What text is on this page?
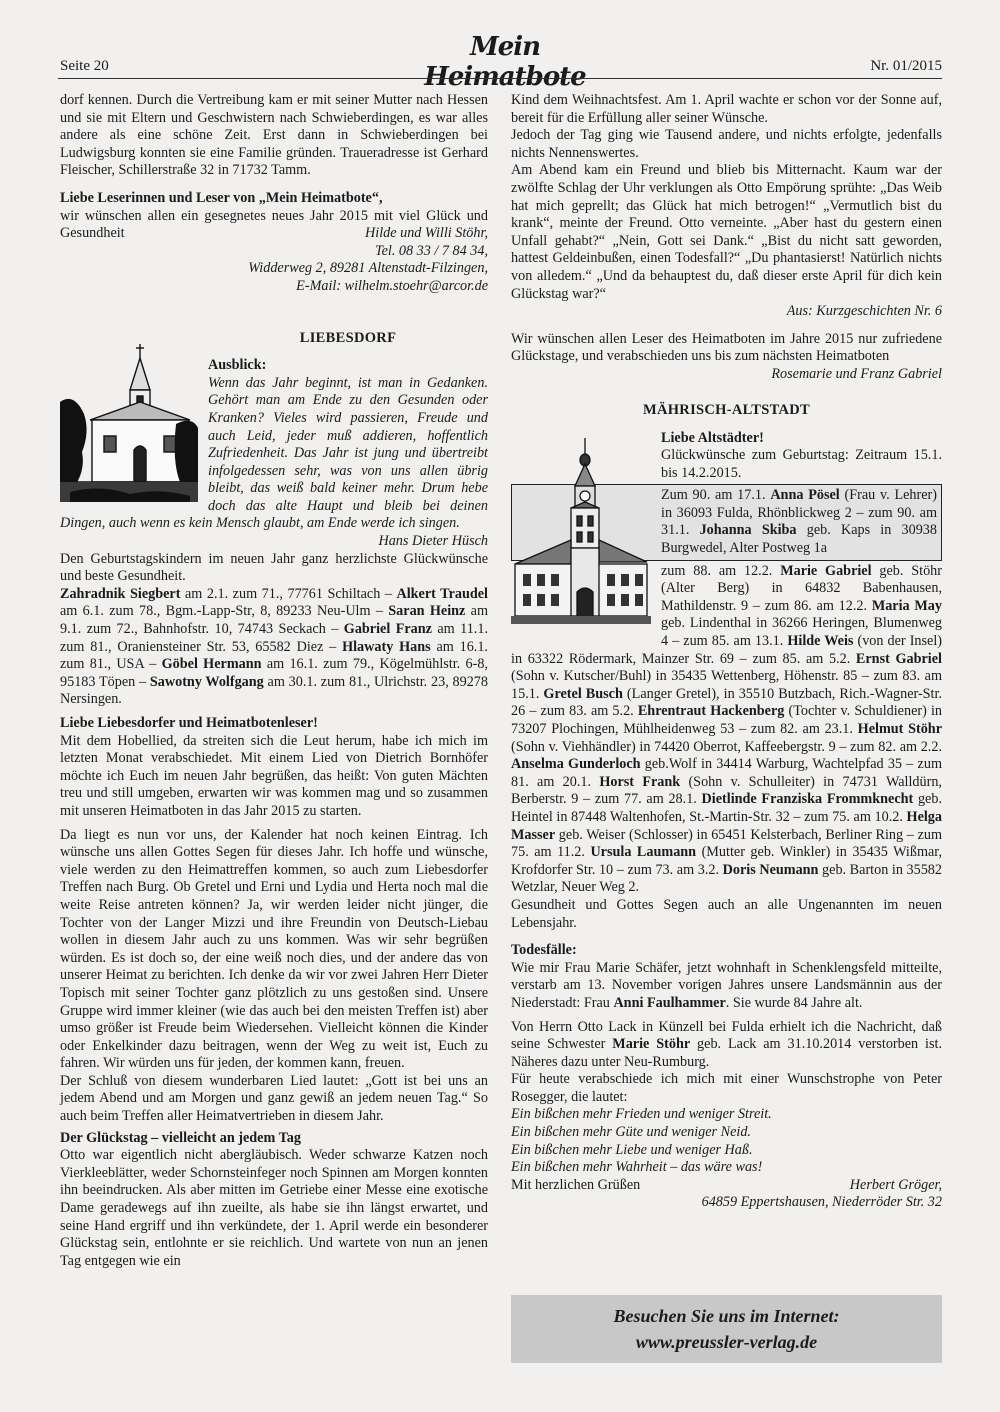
Seite 20
Mein Heimatbote	Nr. 01/2015

dorf kennen. Durch die Vertreibung kam er mit seiner Mutter nach Hessen und sie mit Eltern und Geschwistern nach Schwieberdingen, es war alles andere als eine schöne Zeit. Erst dann in Schwieberdingen bei Ludwigsburg konnten sie eine Familie gründen. Traueradresse ist Gerhard Fleischer, Schillerstraße 32 in 71732 Tamm.

Liebe Leserinnen und Leser von „Mein Heimatbote“,

wir wünschen allen ein gesegnetes neues Jahr 2015 mit viel Glück und Gesundheit	Hilde und Willi Stöhr,

Tel. 08 33 / 7 84 34,

Widderweg 2, 89281 Altenstadt-Filzingen,

E-Mail: wilhelm.stoehr@arcor.de

LIEBESDORF

Ausblick:

Wenn das Jahr beginnt, ist man in Gedanken. Gehört man am Ende zu den Gesunden oder Kranken? Vieles wird passieren, Freude und auch Leid, jeder muß addieren, hoffentlich Zufriedenheit. Das Jahr ist jung und übertreibt infolgedessen sehr, was von uns allen übrig bleibt, das weiß bald keiner mehr. Drum hebe doch das alte Haupt und bleib bei deinen Dingen, auch wenn es kein Mensch glaubt, am Ende werde ich singen.

Hans Dieter Hüsch

Den Geburtstagskindern im neuen Jahr ganz herzlichste Glückwünsche und beste Gesundheit.

Zahradnik Siegbert am 2.1. zum 71., 77761 Schiltach – Alkert Traudel am 6.1. zum 78., Bgm.-Lapp-Str, 8, 89233 Neu-Ulm – Saran Heinz am 9.1. zum 72., Bahnhofstr. 10, 74743 Seckach – Gabriel Franz am 11.1. zum 81., Oraniensteiner Str. 53, 65582 Diez – Hlawaty Hans am 16.1. zum 81., USA – Göbel Hermann am 16.1. zum 79., Kögelmühlstr. 6-8, 95183 Töpen – Sawotny Wolfgang am 30.1. zum 81., Ulrichstr. 23, 89278 Nersingen.

Liebe Liebesdorfer und Heimatbotenleser!

Mit dem Hobellied, da streiten sich die Leut herum, habe ich mich im letzten Monat verabschiedet. Mit einem Lied von Dietrich Bornhöfer möchte ich Euch im neuen Jahr begrüßen, das heißt: Von guten Mächten treu und still umgeben, erwarten wir was kommen mag und so zusammen mit unseren Heimatboten in das Jahr 2015 zu starten.

Da liegt es nun vor uns, der Kalender hat noch keinen Eintrag. Ich wünsche uns allen Gottes Segen für dieses Jahr. Ich hoffe und wünsche, viele werden zu den Heimattreffen kommen, so auch zum Liebesdorfer Treffen nach Burg. Ob Gretel und Erni und Lydia und Herta noch mal die weite Reise antreten können? Ja, wir werden leider nicht jünger, die Tochter von der Langer Mizzi und ihre Freundin von Deutsch-Liebau wollen in diesem Jahr auch zu uns kommen. Was wir sehr begrüßen würden. Es ist doch so, der eine weiß noch dies, und der andere das von unserer Heimat zu berichten. Ich denke da wir vor zwei Jahren Herr Dieter Topisch mit seiner Tochter ganz plötzlich zu uns gestoßen sind. Unsere Gruppe wird immer kleiner (wie das auch bei den meisten Treffen ist) aber umso größer ist Freude beim Wiedersehen. Vielleicht können die Kinder oder Enkelkinder dazu beitragen, wenn der Weg zu weit ist, Euch zu fahren. Wir würden uns für jeden, der kommen kann, freuen.

Der Schluß von diesem wunderbaren Lied lautet: „Gott ist bei uns an jedem Abend und am Morgen und ganz gewiß an jedem neuen Tag.“ So auch beim Treffen aller Heimatvertrieben in diesem Jahr.

Der Glückstag – vielleicht an jedem Tag

Otto war eigentlich nicht abergläubisch. Weder schwarze Katzen noch Vierkleeblätter, weder Schornsteinfeger noch Spinnen am Morgen konnten ihn beeindrucken. Als aber mitten im Getriebe einer Messe eine exotische Dame geradewegs auf ihn zueilte, als habe sie ihn längst erwartet, und seine Hand ergriff und ihn verkündete, der 1. April werde ein besonderer Glückstag sein, entlohnte er sie reichlich. Und wartete von nun an jenen Tag entgegen wie ein

Kind dem Weihnachtsfest. Am 1. April wachte er schon vor der Sonne auf, bereit für die Erfüllung aller seiner Wünsche.

Jedoch der Tag ging wie Tausend andere, und nichts erfolgte, jedenfalls nichts Nennenswertes.

Am Abend kam ein Freund und blieb bis Mitternacht. Kaum war der zwölfte Schlag der Uhr verklungen als Otto Empörung sprühte: „Das Weib hat mich geprellt; das Glück hat mich betrogen!“ „Vermutlich bist du krank“, meinte der Freund. Otto verneinte. „Aber hast du gestern einen Unfall gehabt?“ „Nein, Gott sei Dank.“ „Bist du nicht satt geworden, hattest Geldeinbußen, einen Todesfall?“ „Du phantasierst! Natürlich nichts von alledem.“ „Und da behauptest du, daß dieser erste April für dich kein Glückstag war?“

Aus: Kurzgeschichten Nr. 6

Wir wünschen allen Leser des Heimatboten im Jahre 2015 nur zufriedene Glückstage, und verabschieden uns bis zum nächsten Heimatboten
Rosemarie und Franz Gabriel

MÄHRISCH-ALTSTADT

Liebe Altstädter!

Glückwünsche zum Geburtstag: Zeitraum 15.1. bis 14.2.2015.

Zum 90. am 17.1. Anna Pösel (Frau v. Lehrer) in 36093 Fulda, Rhönblickweg 2 – zum 90. am 31.1. Johanna Skiba geb. Kaps in 30938 Burgwedel, Alter Postweg 1a

zum 88. am 12.2. Marie Gabriel geb. Stöhr (Alter Berg) in 64832 Babenhausen, Mathildenstr. 9 – zum 86. am 12.2. Maria May geb. Lindenthal in 36266 Heringen, Blumenweg 4 – zum 85. am 13.1. Hilde Weis (von der Insel) in 63322 Rödermark, Mainzer Str. 69 – zum 85. am 5.2. Ernst Gabriel (Sohn v. Kutscher/Buhl) in 35435 Wettenberg, Höhenstr. 85 – zum 83. am 15.1. Gretel Busch (Langer Gretel), in 35510 Butzbach, Rich.-Wagner-Str. 26 – zum 83. am 5.2. Ehrentraut Hackenberg (Tochter v. Schuldiener) in 73207 Plochingen, Mühlheidenweg 53 – zum 82. am 23.1. Helmut Stöhr (Sohn v. Viehhändler) in 74420 Oberrot, Kaffeebergstr. 9 – zum 82. am 2.2. Anselma Gunderloch geb.Wolf in 34414 Warburg, Wachtelpfad 35 – zum 81. am 20.1. Horst Frank (Sohn v. Schulleiter) in 74731 Walldürn, Berberstr. 9 – zum 77. am 28.1. Dietlinde Franziska Frommknecht geb. Heintel in 87448 Waltenhofen, St.-Martin-Str. 32 – zum 75. am 10.2. Helga Masser geb. Weiser (Schlosser) in 65451 Kelsterbach, Berliner Ring – zum 75. am 11.2. Ursula Laumann (Mutter geb. Winkler) in 35435 Wißmar, Krofdorfer Str. 10 – zum 73. am 3.2. Doris Neumann geb. Barton in 35582 Wetzlar, Neuer Weg 2.

Gesundheit und Gottes Segen auch an alle Ungenannten im neuen Lebensjahr.

Todesfälle:

Wie mir Frau Marie Schäfer, jetzt wohnhaft in Schenklengsfeld mitteilte, verstarb am 13. November vorigen Jahres unsere Landsmännin aus der Niederstadt: Frau Anni Faulhammer. Sie wurde 84 Jahre alt.

Von Herrn Otto Lack in Künzell bei Fulda erhielt ich die Nachricht, daß seine Schwester Marie Stöhr geb. Lack am 31.10.2014 verstorben ist. Näheres dazu unter Neu-Rumburg.

Für heute verabschiede ich mich mit einer Wunschstrophe von Peter Rosegger, die lautet:

Ein bißchen mehr Frieden und weniger Streit.

Ein bißchen mehr Güte und weniger Neid.

Ein bißchen mehr Liebe und weniger Haß.

Ein bißchen mehr Wahrheit – das wäre was!

Mit herzlichen Grüßen	Herbert Gröger,

64859 Eppertshausen, Niederröder Str. 32

Besuchen Sie uns im Internet:
www.preussler-verlag.de
